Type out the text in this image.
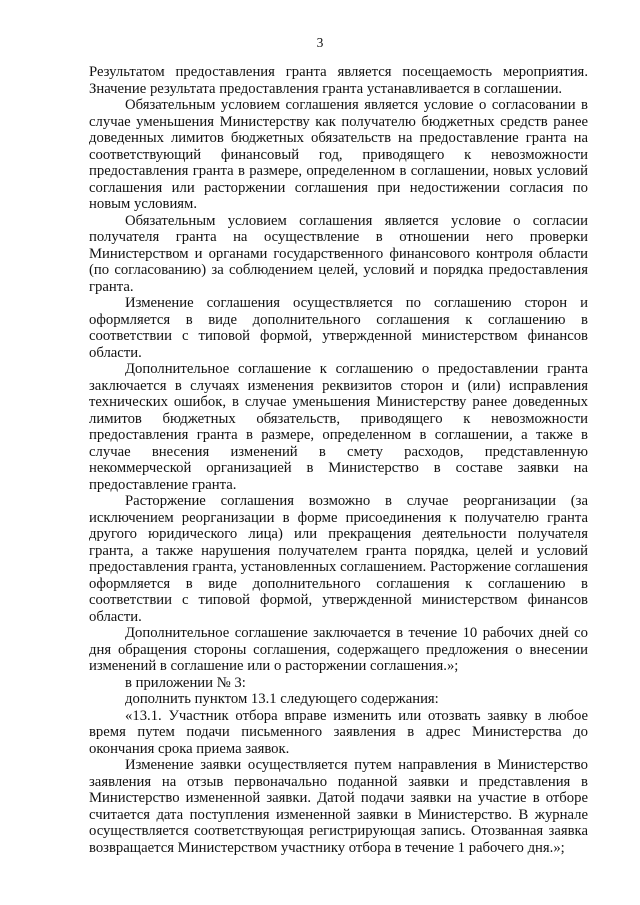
3

Результатом предоставления гранта является посещаемость мероприятия. Значение результата предоставления гранта устанавливается в соглашении.

Обязательным условием соглашения является условие о согласовании в случае уменьшения Министерству как получателю бюджетных средств ранее доведенных лимитов бюджетных обязательств на предоставление гранта на соответствующий финансовый год, приводящего к невозможности предоставления гранта в размере, определенном в соглашении, новых условий соглашения или расторжении соглашения при недостижении согласия по новым условиям.

Обязательным условием соглашения является условие о согласии получателя гранта на осуществление в отношении него проверки Министерством и органами государственного финансового контроля области (по согласованию) за соблюдением целей, условий и порядка предоставления гранта.

Изменение соглашения осуществляется по соглашению сторон и оформляется в виде дополнительного соглашения к соглашению в соответствии с типовой формой, утвержденной министерством финансов области.

Дополнительное соглашение к соглашению о предоставлении гранта заключается в случаях изменения реквизитов сторон и (или) исправления технических ошибок, в случае уменьшения Министерству ранее доведенных лимитов бюджетных обязательств, приводящего к невозможности предоставления гранта в размере, определенном в соглашении, а также в случае внесения изменений в смету расходов, представленную некоммерческой организацией в Министерство в составе заявки на предоставление гранта.

Расторжение соглашения возможно в случае реорганизации (за исключением реорганизации в форме присоединения к получателю гранта другого юридического лица) или прекращения деятельности получателя гранта, а также нарушения получателем гранта порядка, целей и условий предоставления гранта, установленных соглашением. Расторжение соглашения оформляется в виде дополнительного соглашения к соглашению в соответствии с типовой формой, утвержденной министерством финансов области.

Дополнительное соглашение заключается в течение 10 рабочих дней со дня обращения стороны соглашения, содержащего предложения о внесении изменений в соглашение или о расторжении соглашения.»;

в приложении № 3:

дополнить пунктом 13.1 следующего содержания:

«13.1. Участник отбора вправе изменить или отозвать заявку в любое время путем подачи письменного заявления в адрес Министерства до окончания срока приема заявок.

Изменение заявки осуществляется путем направления в Министерство заявления на отзыв первоначально поданной заявки и представления в Министерство измененной заявки. Датой подачи заявки на участие в отборе считается дата поступления измененной заявки в Министерство. В журнале осуществляется соответствующая регистрирующая запись. Отозванная заявка возвращается Министерством участнику отбора в течение 1 рабочего дня.»;
